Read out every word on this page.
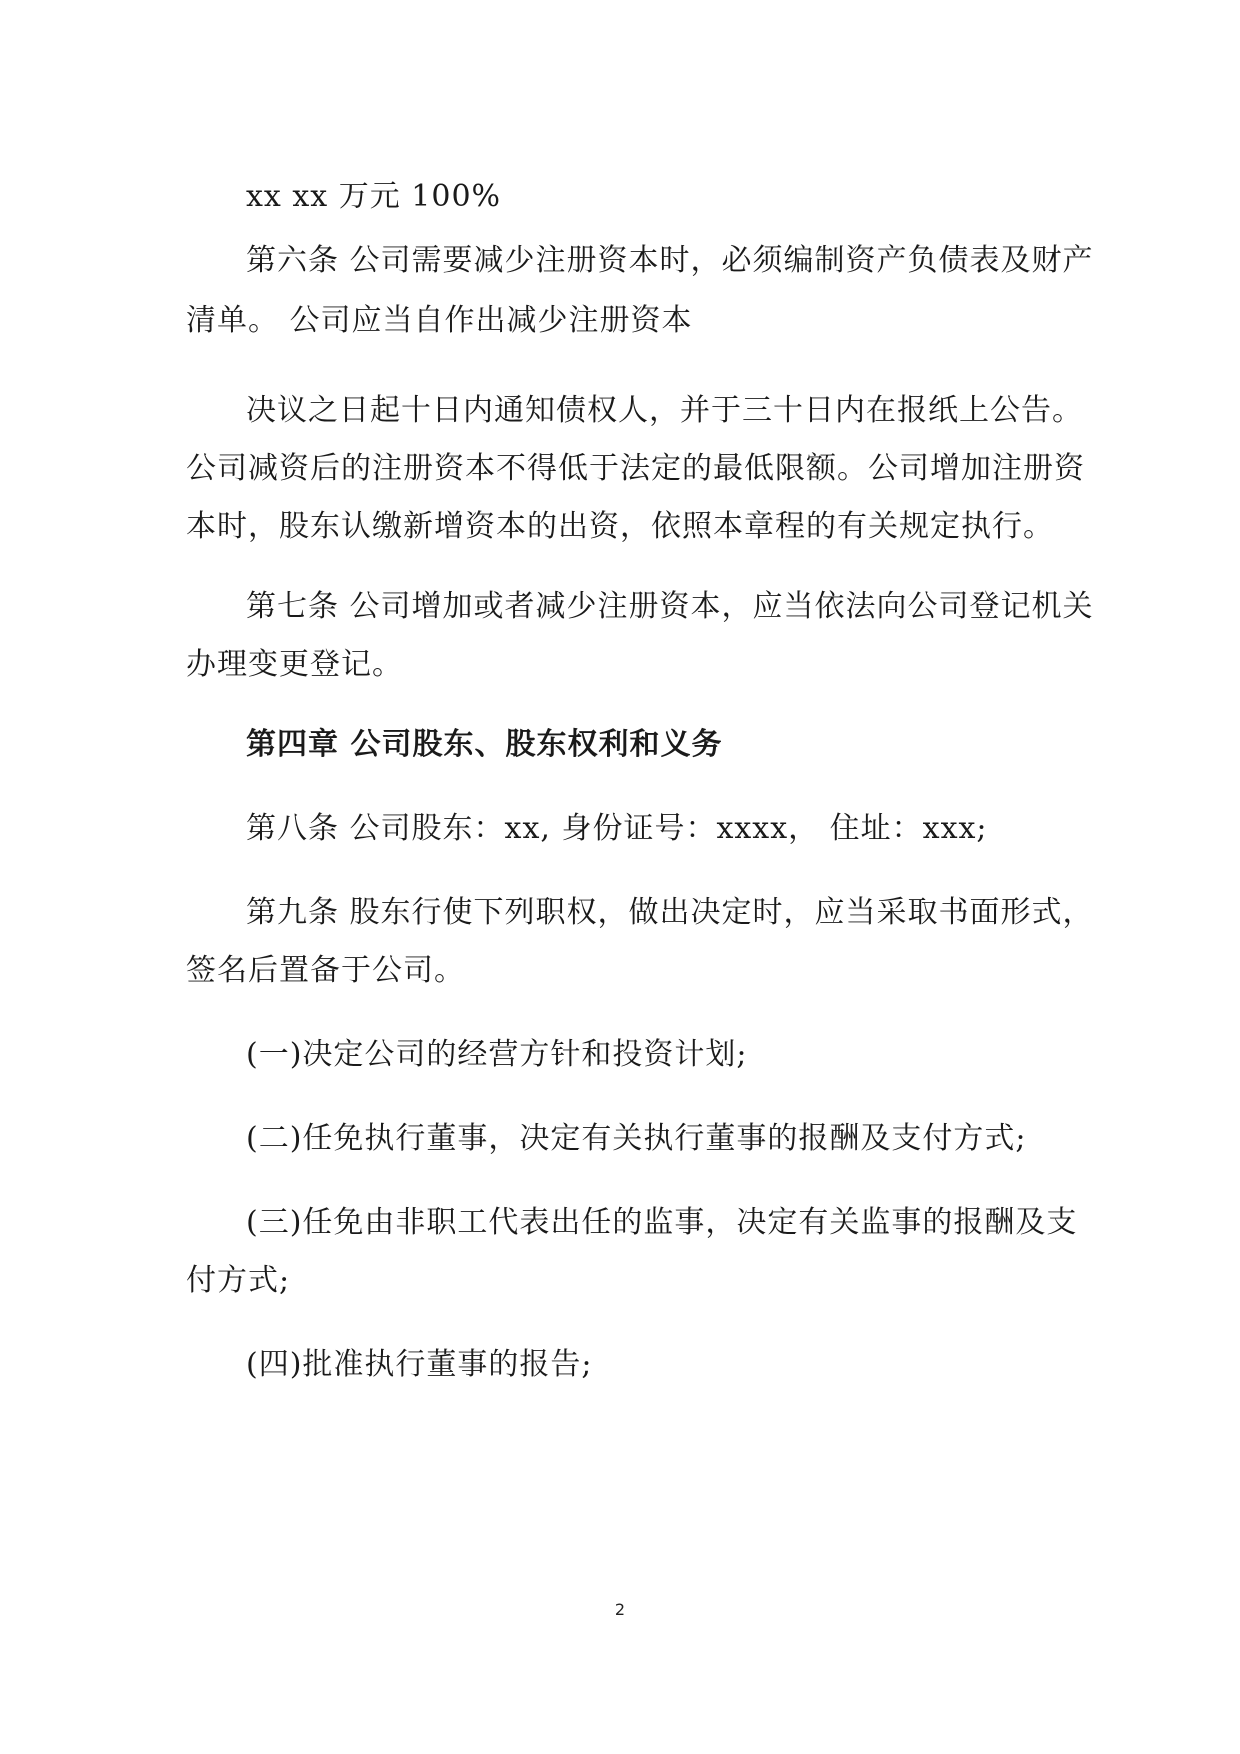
xx xx 万元 100%
第六条 公司需要减少注册资本时，必须编制资产负债表及财产
清单。 公司应当自作出减少注册资本
决议之日起十日内通知债权人，并于三十日内在报纸上公告。
公司减资后的注册资本不得低于法定的最低限额。公司增加注册资
本时，股东认缴新增资本的出资，依照本章程的有关规定执行。
第七条 公司增加或者减少注册资本，应当依法向公司登记机关
办理变更登记。
第四章 公司股东、股东权利和义务
第八条 公司股东：xx, 身份证号：xxxx， 住址：xxx;
第九条 股东行使下列职权，做出决定时，应当采取书面形式，
签名后置备于公司。
(一)决定公司的经营方针和投资计划;
(二)任免执行董事，决定有关执行董事的报酬及支付方式;
(三)任免由非职工代表出任的监事，决定有关监事的报酬及支
付方式;
(四)批准执行董事的报告;
2
